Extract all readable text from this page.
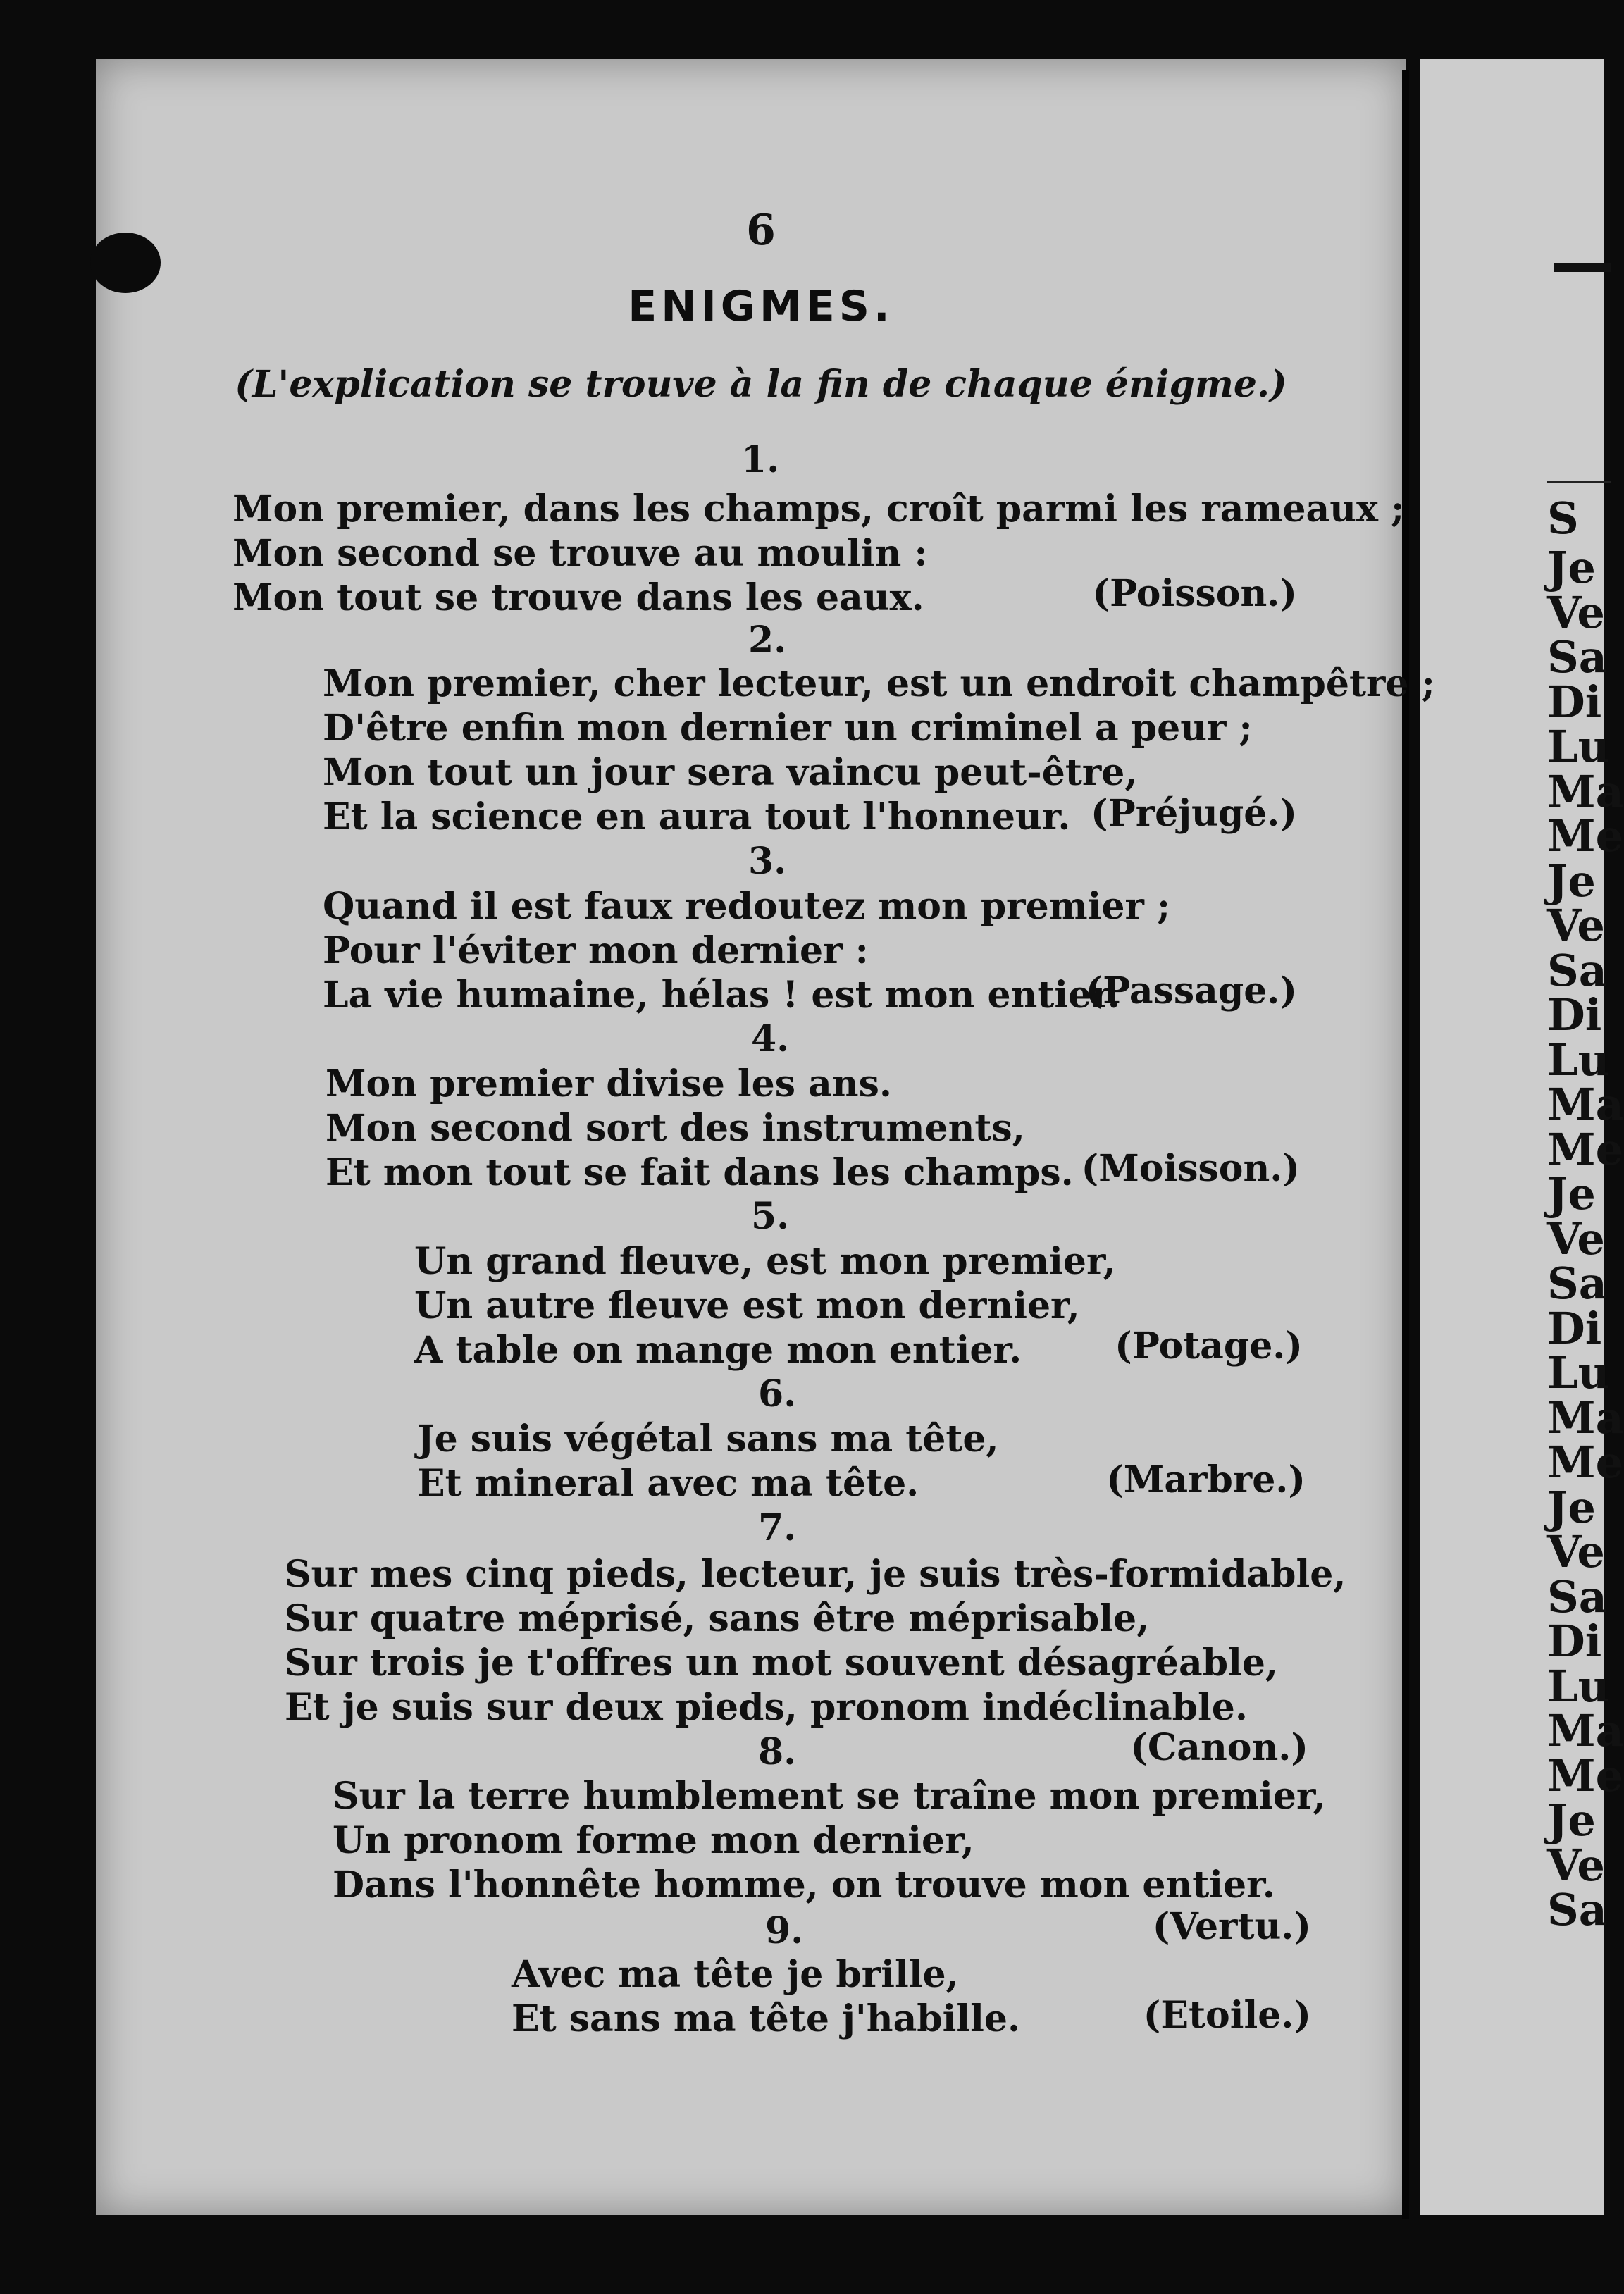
S
Je
Ve
Sa
Di
Lu
Ma
Me
Je
Ve
Sa
Di
Lu
Ma
Me
Je
Ve
Sa
Di
Lu
Ma
Me
Je
Ve
Sa
Di
Lu
Ma
Me
Je
Ve
Sa
6
ENIGMES.
(L'explication se trouve à la fin de chaque énigme.)
1.
Mon premier, dans les champs, croît parmi les rameaux ;
Mon second se trouve au moulin :
Mon tout se trouve dans les eaux.	(Poisson.)
2.
Mon premier, cher lecteur, est un endroit champêtre ;
D'être enfin mon dernier un criminel a peur ;
Mon tout un jour sera vaincu peut-être,
Et la science en aura tout l'honneur. (Préjugé.)
3.
Quand il est faux redoutez mon premier ;
Pour l'éviter mon dernier :
La vie humaine, hélas ! est mon entier.
(Passage.)
4.
Mon premier divise les ans.
Mon second sort des instruments,
Et mon tout se fait dans les champs. (Moisson.)
5.
Un grand fleuve, est mon premier,
Un autre fleuve est mon dernier,
A table on mange mon entier.	(Potage.)
6.
Je suis végétal sans ma tête,
Et mineral avec ma tête.	(Marbre.)
7.
Sur mes cinq pieds, lecteur, je suis très-formidable,
Sur quatre méprisé, sans être méprisable,
Sur trois je t'offres un mot souvent désagréable,
Et je suis sur deux pieds, pronom indéclinable.
8.	(Canon.)
Sur la terre humblement se traîne mon premier,
Un pronom forme mon dernier,
Dans l'honnête homme, on trouve mon entier.
9.	(Vertu.)
Avec ma tête je brille,
Et sans ma tête j'habille.	(Etoile.)
